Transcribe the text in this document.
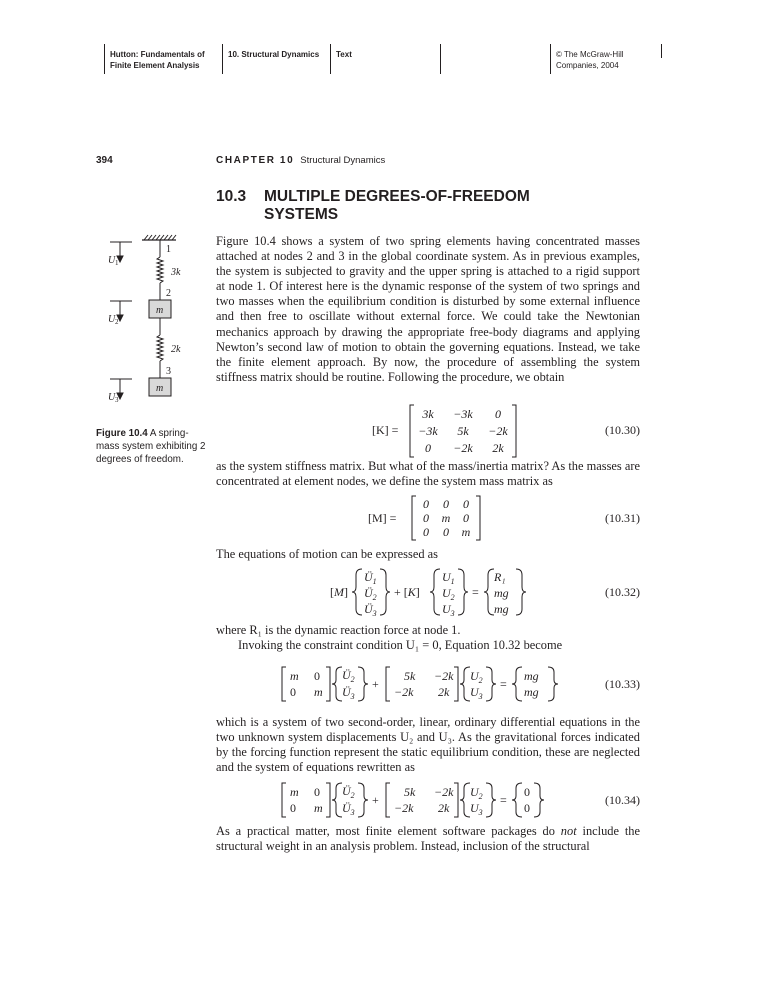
Hutton: Fundamentals of
Finite Element Analysis
10. Structural Dynamics	Text	© The McGraw-Hill
Companies, 2004
394	CHAPTER 10 Structural Dynamics
10.3 MULTIPLE DEGREES-OF-FREEDOM
SYSTEMS
1
2
3
3k
2k
m
m
U
U
U
1
2
3
Figure 10.4 A spring-mass system exhibiting 2 degrees of freedom.

Figure 10.4 shows a system of two spring elements having concentrated masses attached at nodes 2 and 3 in the global coordinate system. As in previous examples, the system is subjected to gravity and the upper spring is attached to a rigid support at node 1. Of interest here is the dynamic response of the system of two springs and two masses when the equilibrium condition is disturbed by some external influence and then free to oscillate without external force. We could take the Newtonian mechanics approach by drawing the appropriate free-body diagrams and applying Newton’s second law of motion to obtain the governing equations. Instead, we take the finite element approach. By now, the procedure of assembling the system stiffness matrix should be routine. Following the procedure, we obtain

[K] =
3k −3k 0
−3k 5k −2k
0 −2k 2k
(10.30)

as the system stiffness matrix. But what of the mass/inertia matrix? As the masses are concentrated at element nodes, we define the system mass matrix as

[M] =
0 0 0
0 m 0
0 0 m
(10.31)

The equations of motion can be expressed as

[M]
$Ü_1$
$Ü_2$
$Ü_3$
+ [K]
$U_1$
$U_2$
$U_3$
=
R₁
mg
mg
(10.32)

where R₁ is the dynamic reaction force at node 1.

Invoking the constraint condition U₁ = 0, Equation 10.32 become

m 0
0 m
$Ü_2$
$Ü_3$
+
5k −2k
−2k 2k
$U_2$
$U_3$
=
mg
mg
(10.33)

which is a system of two second-order, linear, ordinary differential equations in the two unknown system displacements U₂ and U₃. As the gravitational forces indicated by the forcing function represent the static equilibrium condition, these are neglected and the system of equations rewritten as

m 0
0 m
$Ü_2$
$Ü_3$
+
5k −2k
−2k 2k
$U_2$
$U_3$
=
0
0
(10.34)

As a practical matter, most finite element software packages do not include the structural weight in an analysis problem. Instead, inclusion of the structural
